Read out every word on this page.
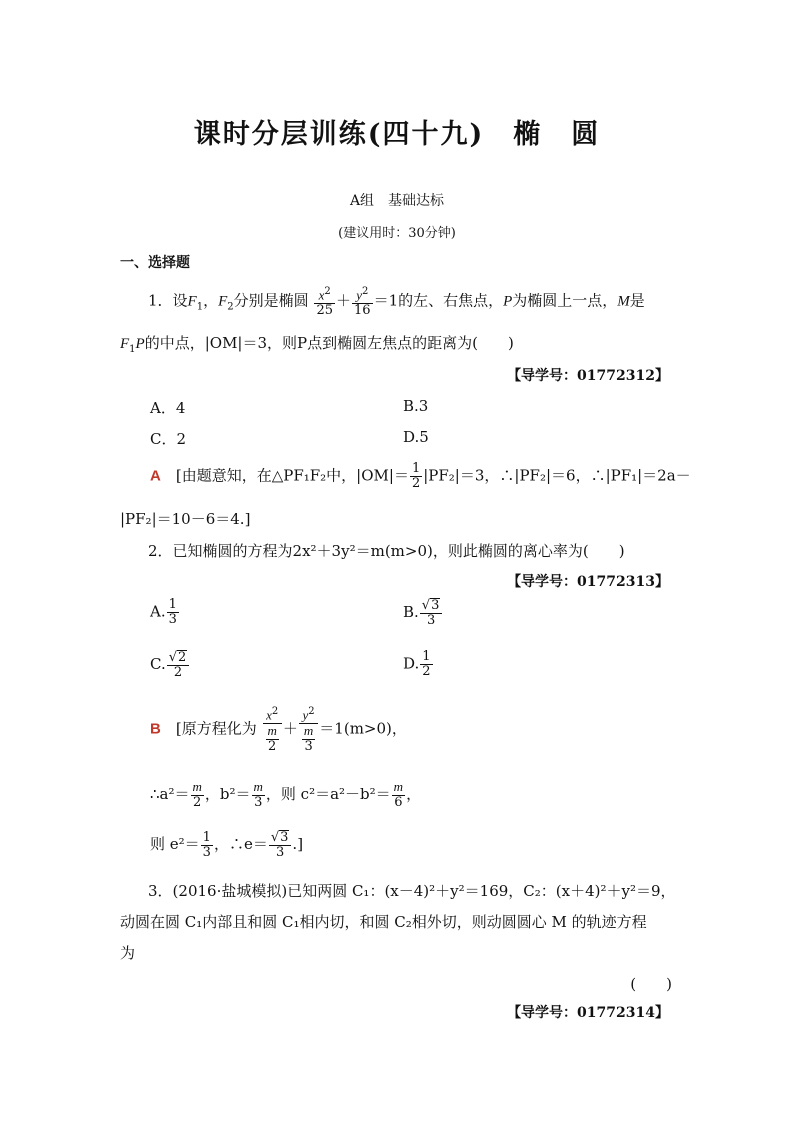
课时分层训练(四十九)　椭　圆
A组　基础达标
(建议用时：30分钟)
一、选择题
1．设$F_1$，$F_2$分别是椭圆 $\frac{x^2}{25} + \frac{y^2}{16} =1$的左、右焦点，P为椭圆上一点，M是
$F_1P$的中点，|OM|＝3，则P点到椭圆左焦点的距离为(　　)
【导学号：01772312】
A．4	B.3
C．2	D.5
A　 [由题意知，在△PF₁F₂中，$|OM|= \frac{1}{2} |PF_2|=3$，∴|PF₂|＝6，∴|PF₁|＝2a－
|PF₂|＝10－6＝4.]
2．已知椭圆的方程为2x²＋3y²＝m(m>0)，则此椭圆的离心率为(　　)
【导学号：01772313】
A. $\frac{1}{3}$	B. $\frac{√3}{3}$
C. $\frac{√2}{2}$	D. $\frac{1}{2}$
B　 [原方程化为 $\frac{x^2}{\frac{m}{2}} + \frac{y^2}{\frac{m}{3}} =1(m>0)$，
∴a²＝ $\frac{m}{2}$ ，$b^2= \frac{m}{3}$ ，则 $c^2=a^2-b^2= \frac{m}{6}$ ，
则 $e^2= \frac{1}{3}$ ，∴e＝ $\frac{√3}{3}$ .]
3．(2016·盐城模拟)已知两圆 C₁：(x－4)²＋y²＝169，C₂：(x＋4)²＋y²＝9，
动圆在圆 C₁内部且和圆 C₁相内切，和圆 C₂相外切，则动圆圆心 M 的轨迹方程
为
(　　)
【导学号：01772314】
